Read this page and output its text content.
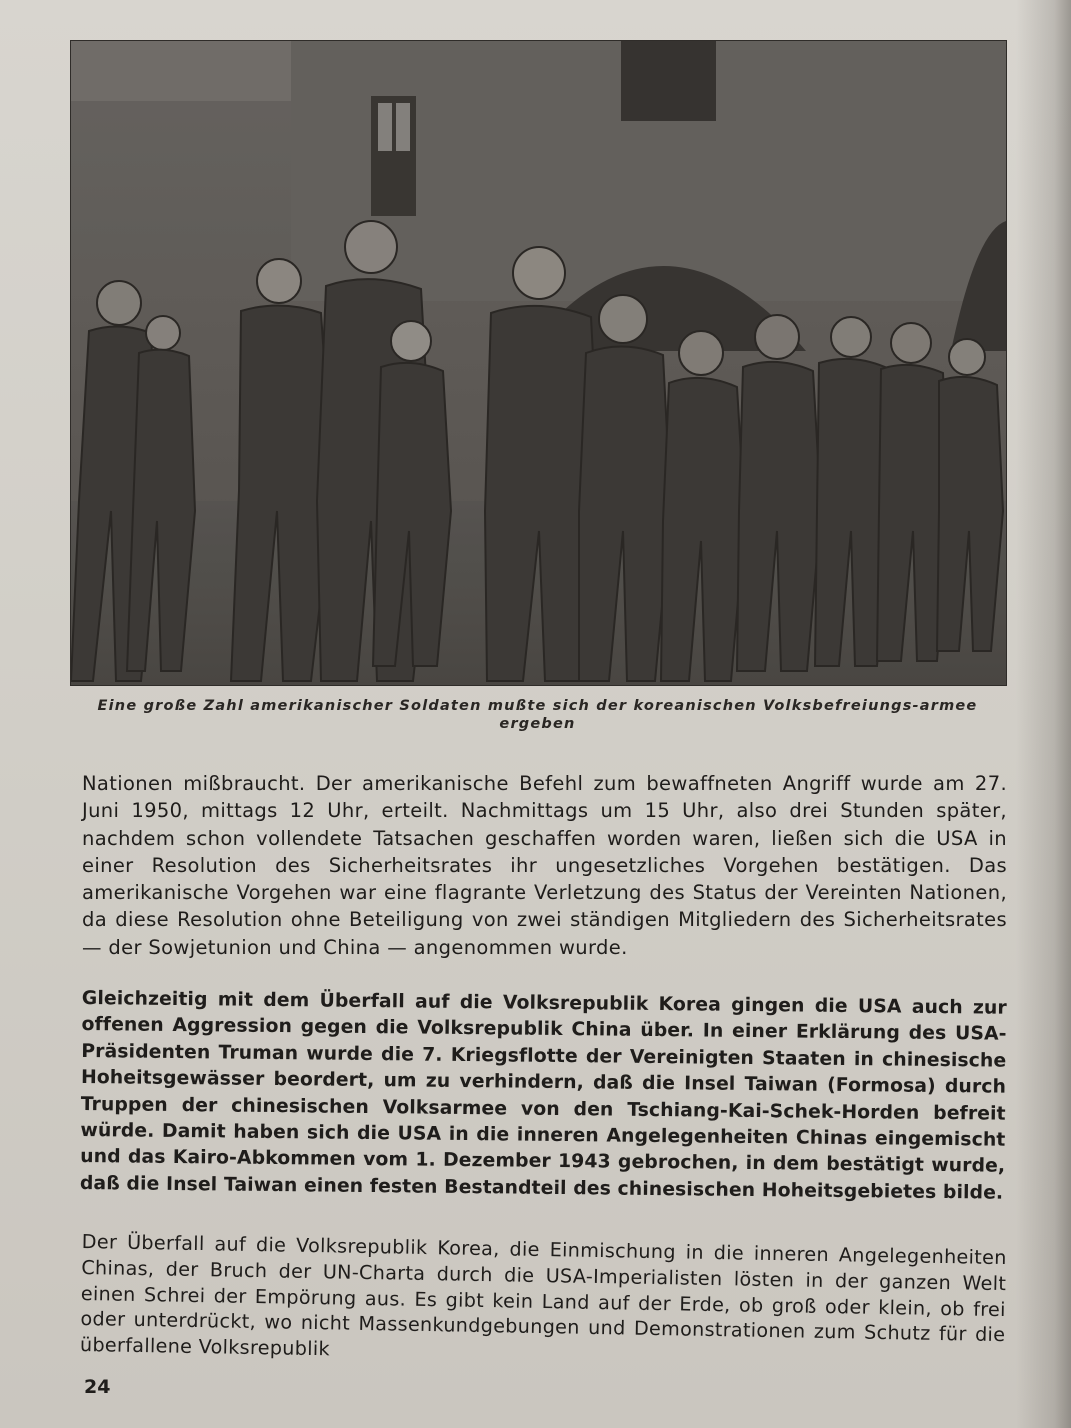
Eine große Zahl amerikanischer Soldaten mußte sich der koreanischen Volksbefreiungs-armee ergeben

Nationen mißbraucht. Der amerikanische Befehl zum bewaffneten Angriff wurde am 27. Juni 1950, mittags 12 Uhr, erteilt. Nachmittags um 15 Uhr, also drei Stunden später, nachdem schon vollendete Tatsachen geschaffen worden waren, ließen sich die USA in einer Resolution des Sicherheitsrates ihr ungesetzliches Vorgehen bestätigen. Das amerikanische Vorgehen war eine flagrante Verletzung des Status der Vereinten Nationen, da diese Resolution ohne Beteiligung von zwei ständigen Mitgliedern des Sicherheitsrates — der Sowjetunion und China — angenommen wurde.

Gleichzeitig mit dem Überfall auf die Volksrepublik Korea gingen die USA auch zur offenen Aggression gegen die Volksrepublik China über. In einer Erklärung des USA-Präsidenten Truman wurde die 7. Kriegsflotte der Vereinigten Staaten in chinesische Hoheitsgewässer beordert, um zu verhindern, daß die Insel Taiwan (Formosa) durch Truppen der chinesischen Volksarmee von den Tschiang-Kai-Schek-Horden befreit würde. Damit haben sich die USA in die inneren Angelegenheiten Chinas eingemischt und das Kairo-Abkommen vom 1. Dezember 1943 gebrochen, in dem bestätigt wurde, daß die Insel Taiwan einen festen Bestandteil des chinesischen Hoheitsgebietes bilde.

Der Überfall auf die Volksrepublik Korea, die Einmischung in die inneren Angelegenheiten Chinas, der Bruch der UN-Charta durch die USA-Imperialisten lösten in der ganzen Welt einen Schrei der Empörung aus. Es gibt kein Land auf der Erde, ob groß oder klein, ob frei oder unterdrückt, wo nicht Massenkundgebungen und Demonstrationen zum Schutz für die überfallene Volksrepublik

24
